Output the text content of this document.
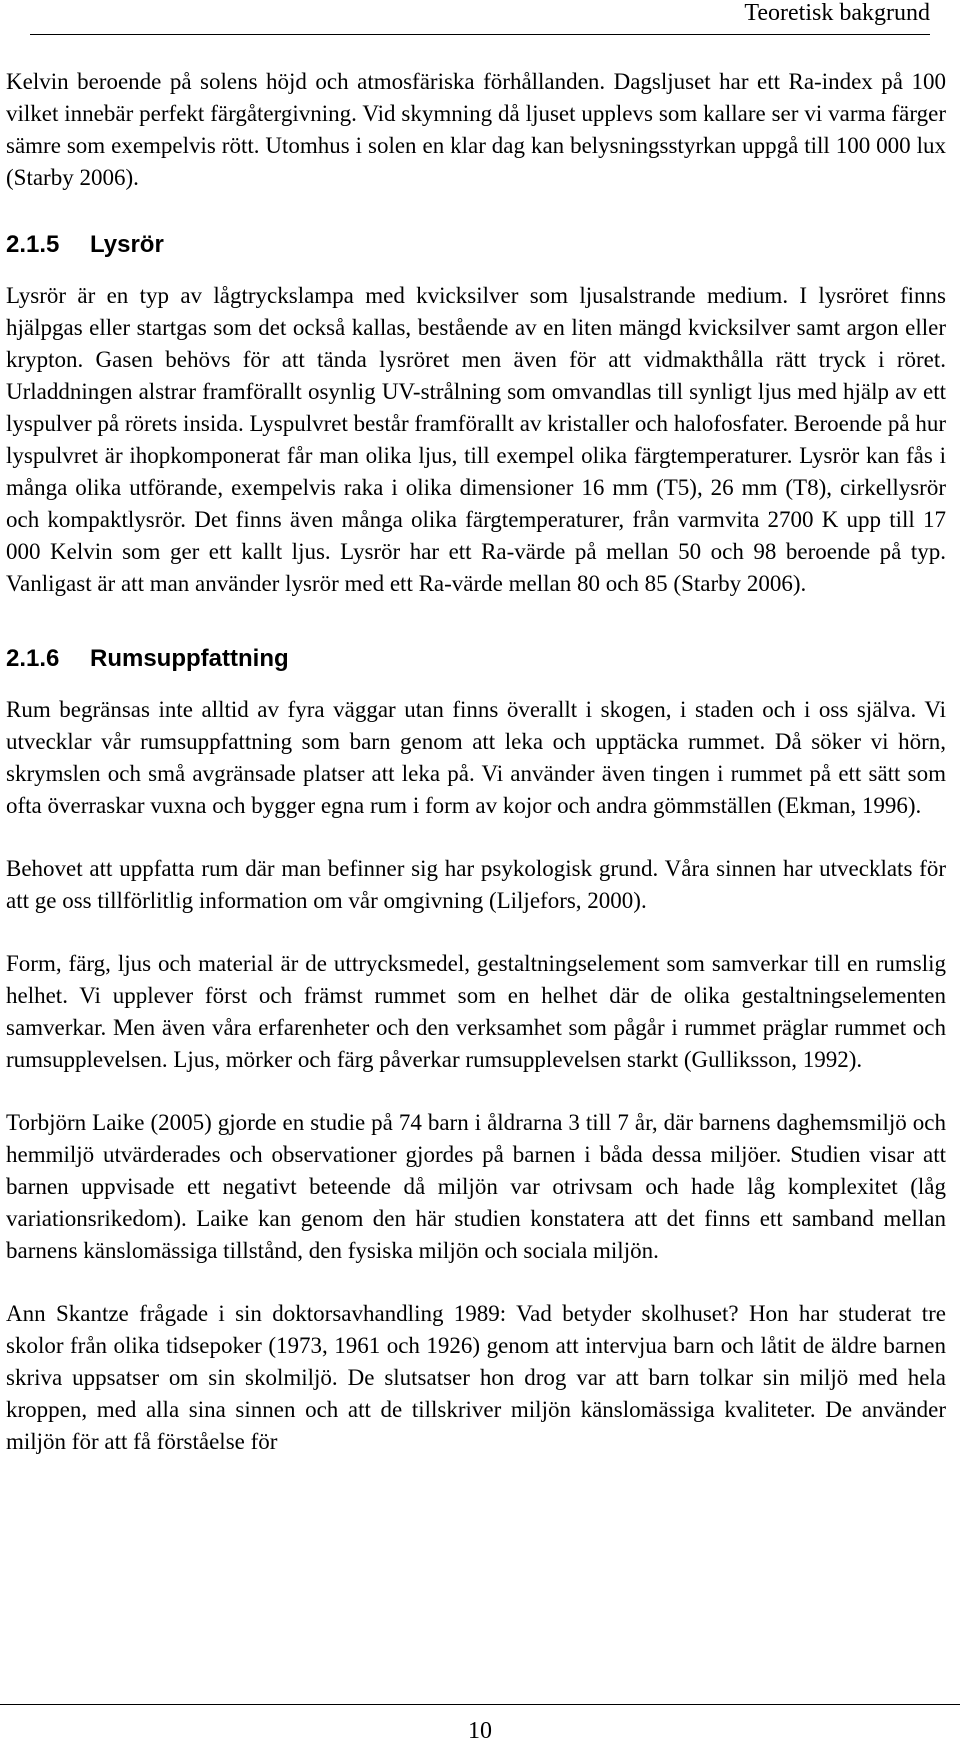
Teoretisk bakgrund

Kelvin beroende på solens höjd och atmosfäriska förhållanden. Dagsljuset har ett Ra-index på 100 vilket innebär perfekt färgåtergivning. Vid skymning då ljuset upplevs som kallare ser vi varma färger sämre som exempelvis rött. Utomhus i solen en klar dag kan belysningsstyrkan uppgå till 100 000 lux (Starby 2006).

2.1.5	Lysrör

Lysrör är en typ av lågtryckslampa med kvicksilver som ljusalstrande medium. I lysröret finns hjälpgas eller startgas som det också kallas, bestående av en liten mängd kvicksilver samt argon eller krypton. Gasen behövs för att tända lysröret men även för att vidmakthålla rätt tryck i röret. Urladdningen alstrar framförallt osynlig UV-strålning som omvandlas till synligt ljus med hjälp av ett lyspulver på rörets insida. Lyspulvret består framförallt av kristaller och halofosfater. Beroende på hur lyspulvret är ihopkomponerat får man olika ljus, till exempel olika färgtemperaturer. Lysrör kan fås i många olika utförande, exempelvis raka i olika dimensioner 16 mm (T5), 26 mm (T8), cirkellysrör och kompaktlysrör. Det finns även många olika färgtemperaturer, från varmvita 2700 K upp till 17 000 Kelvin som ger ett kallt ljus. Lysrör har ett Ra-värde på mellan 50 och 98 beroende på typ. Vanligast är att man använder lysrör med ett Ra-värde mellan 80 och 85 (Starby 2006).

2.1.6	Rumsuppfattning

Rum begränsas inte alltid av fyra väggar utan finns överallt i skogen, i staden och i oss själva. Vi utvecklar vår rumsuppfattning som barn genom att leka och upptäcka rummet. Då söker vi hörn, skrymslen och små avgränsade platser att leka på. Vi använder även tingen i rummet på ett sätt som ofta överraskar vuxna och bygger egna rum i form av kojor och andra gömmställen (Ekman, 1996).

Behovet att uppfatta rum där man befinner sig har psykologisk grund. Våra sinnen har utvecklats för att ge oss tillförlitlig information om vår omgivning (Liljefors, 2000).

Form, färg, ljus och material är de uttrycksmedel, gestaltningselement som samverkar till en rumslig helhet. Vi upplever först och främst rummet som en helhet där de olika gestaltningselementen samverkar. Men även våra erfarenheter och den verksamhet som pågår i rummet präglar rummet och rumsupplevelsen. Ljus, mörker och färg påverkar rumsupplevelsen starkt (Gulliksson, 1992).

Torbjörn Laike (2005) gjorde en studie på 74 barn i åldrarna 3 till 7 år, där barnens daghemsmiljö och hemmiljö utvärderades och observationer gjordes på barnen i båda dessa miljöer. Studien visar att barnen uppvisade ett negativt beteende då miljön var otrivsam och hade låg komplexitet (låg variationsrikedom). Laike kan genom den här studien konstatera att det finns ett samband mellan barnens känslomässiga tillstånd, den fysiska miljön och sociala miljön.

Ann Skantze frågade i sin doktorsavhandling 1989: Vad betyder skolhuset? Hon har studerat tre skolor från olika tidsepoker (1973, 1961 och 1926) genom att intervjua barn och låtit de äldre barnen skriva uppsatser om sin skolmiljö. De slutsatser hon drog var att barn tolkar sin miljö med hela kroppen, med alla sina sinnen och att de tillskriver miljön känslomässiga kvaliteter. De använder miljön för att få förståelse för

10
